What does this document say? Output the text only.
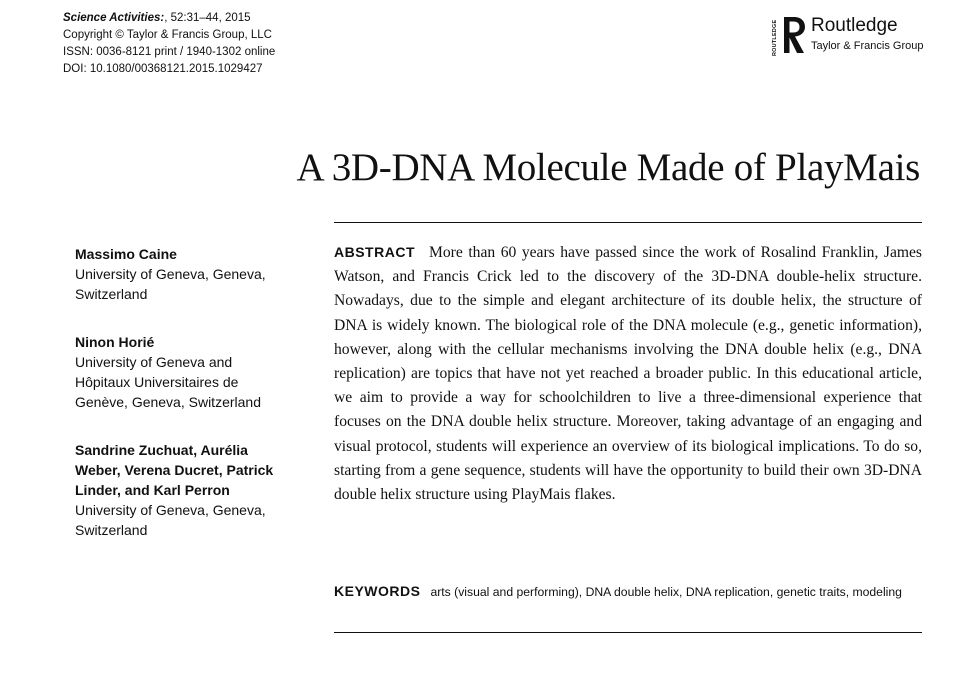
Science Activities:, 52:31–44, 2015
Copyright © Taylor & Francis Group, LLC
ISSN: 0036-8121 print / 1940-1302 online
DOI: 10.1080/00368121.2015.1029427
ROUTLEDGE Routledge
Taylor & Francis Group
A 3D-DNA Molecule Made of PlayMais
Massimo Caine
University of Geneva, Geneva,
Switzerland
Ninon Horié
University of Geneva and
Hôpitaux Universitaires de
Genève, Geneva, Switzerland
Sandrine Zuchuat, Aurélia
Weber, Verena Ducret, Patrick
Linder, and Karl Perron
University of Geneva, Geneva,
Switzerland

ABSTRACT More than 60 years have passed since the work of Rosalind Franklin, James Watson, and Francis Crick led to the discovery of the 3D-DNA double-helix structure. Nowadays, due to the simple and elegant architecture of its double helix, the structure of DNA is widely known. The biological role of the DNA molecule (e.g., genetic information), however, along with the cellular mechanisms involving the DNA double helix (e.g., DNA replication) are topics that have not yet reached a broader public. In this educational article, we aim to provide a way for schoolchildren to live a three-dimensional experience that focuses on the DNA double helix structure. Moreover, taking advantage of an engaging and visual protocol, students will experience an overview of its biological implications. To do so, starting from a gene sequence, students will have the opportunity to build their own 3D-DNA double helix structure using PlayMais flakes.

KEYWORDS arts (visual and performing), DNA double helix, DNA replication, genetic traits, modeling
